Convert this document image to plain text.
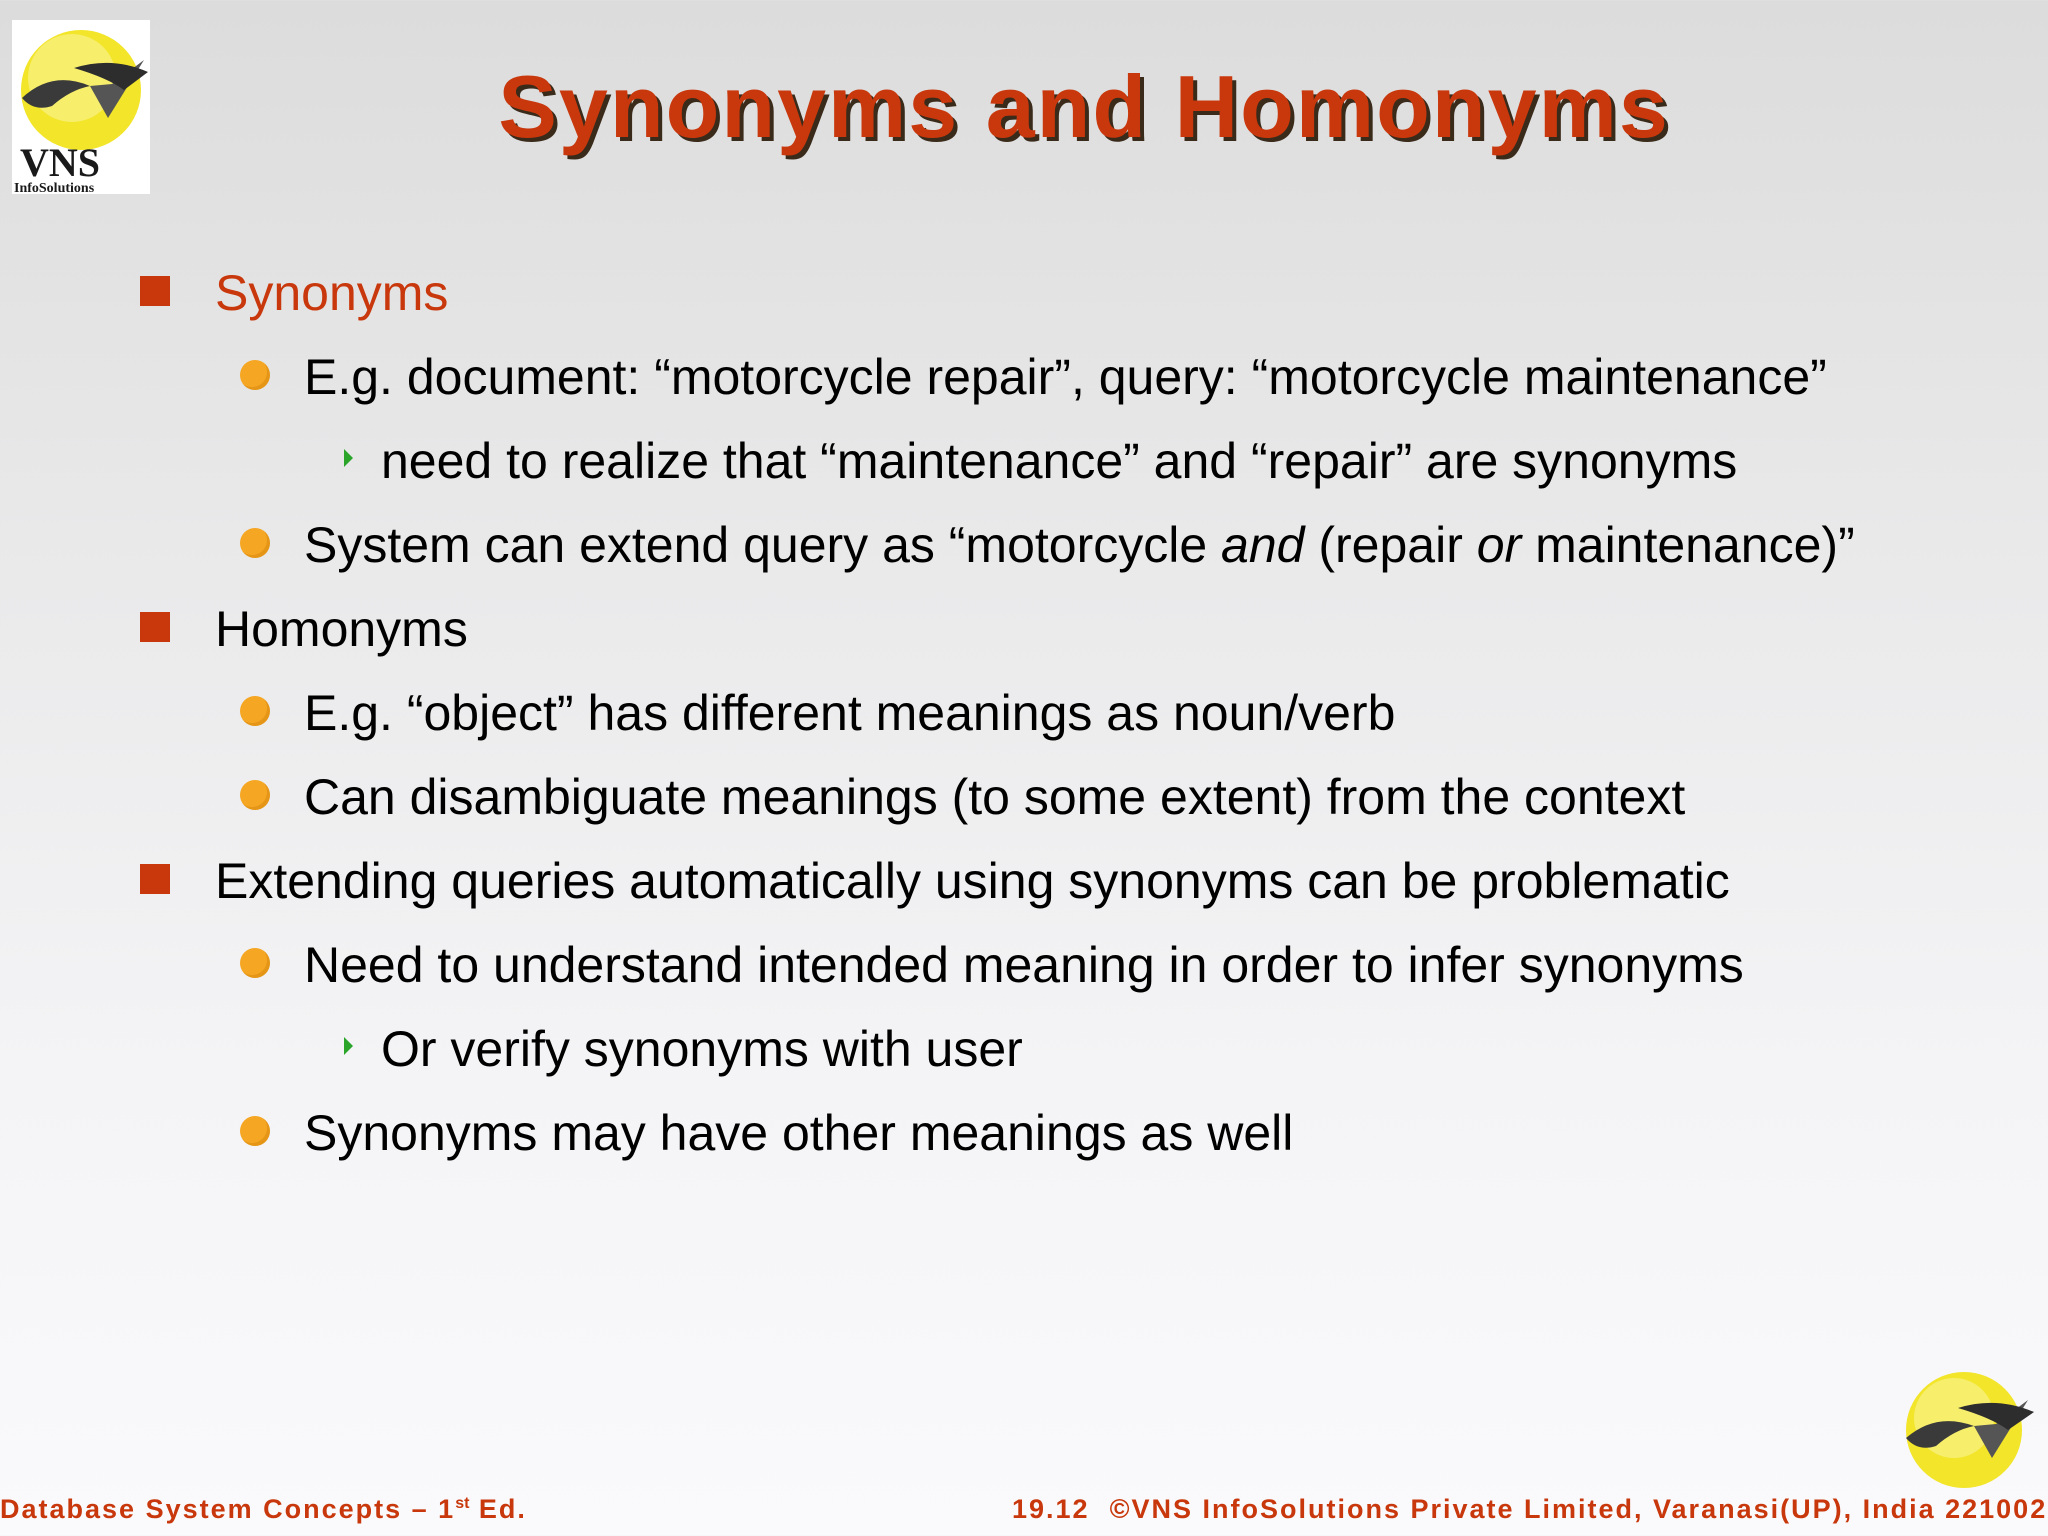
VNS
InfoSolutions
Synonyms and Homonyms
Synonyms
E.g. document: “motorcycle repair”, query: “motorcycle maintenance”
need to realize that “maintenance” and “repair” are synonyms
System can extend query as “motorcycle and (repair or maintenance)”
Homonyms
E.g. “object” has different meanings as noun/verb
Can disambiguate meanings (to some extent) from the context
Extending queries automatically using synonyms can be problematic
Need to understand intended meaning in order to infer synonyms
Or verify synonyms with user
Synonyms may have other meanings as well
Database System Concepts – 1st Ed.	19.12 ©VNS InfoSolutions Private Limited, Varanasi(UP), India 221002
